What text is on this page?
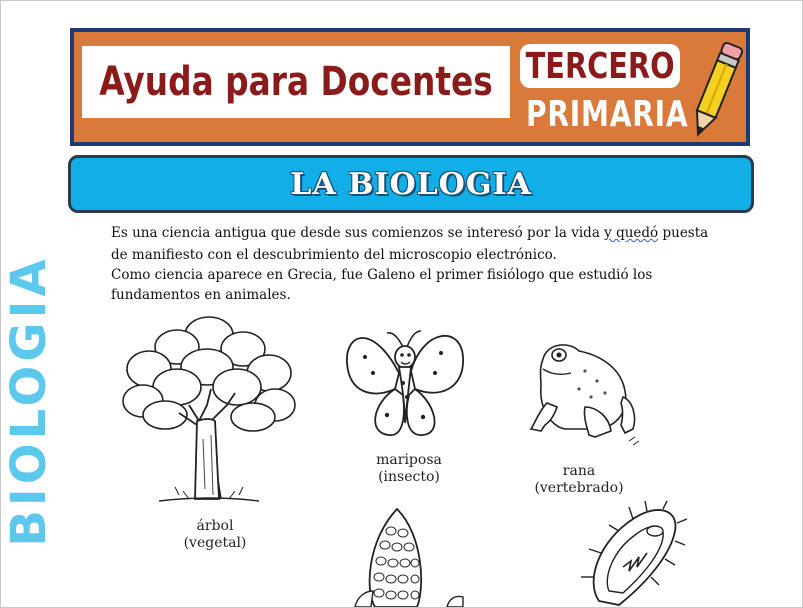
Ayuda para Docentes TERCERO
PRIMARIA
LA BIOLOGIA
BIOLOGIA

Es una ciencia antigua que desde sus comienzos se interesó por la vida y quedó puesta

de manifiesto con el descubrimiento del microscopio electrónico.

Como ciencia aparece en Grecia, fue Galeno el primer fisiólogo que estudió los

fundamentos en animales.

árbol
(vegetal)
mariposa
(insecto)	rana
(vertebrado)
